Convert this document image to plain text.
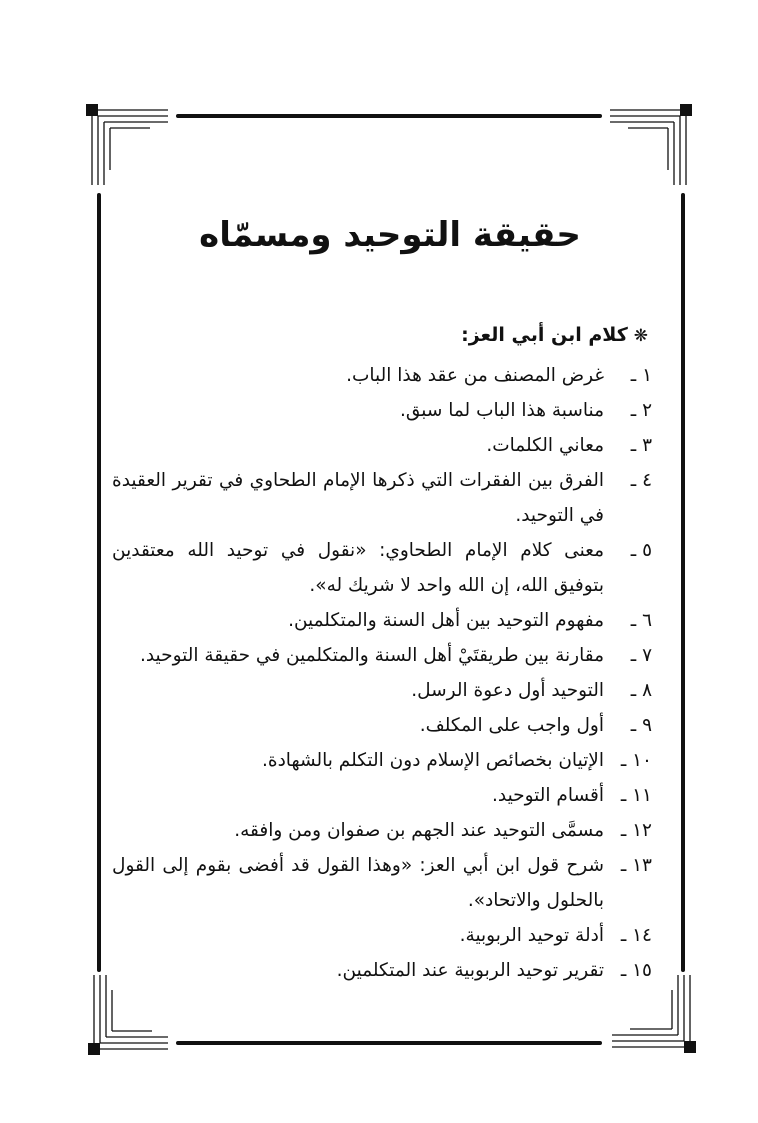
حقيقة التوحيد ومسمّاه
❋كلام ابن أبي العز:
١ ـ
غرض المصنف من عقد هذا الباب.
٢ ـ
مناسبة هذا الباب لما سبق.
٣ ـ
معاني الكلمات.
٤ ـ
الفرق بين الفقرات التي ذكرها الإمام الطحاوي في تقرير العقيدة في التوحيد.
٥ ـ
معنى كلام الإمام الطحاوي: «نقول في توحيد الله معتقدين بتوفيق الله، إن الله واحد لا شريك له».
٦ ـ
مفهوم التوحيد بين أهل السنة والمتكلمين.
٧ ـ
مقارنة بين طريقتَيْ أهل السنة والمتكلمين في حقيقة التوحيد.
٨ ـ
التوحيد أول دعوة الرسل.
٩ ـ
أول واجب على المكلف.
١٠ ـ
الإتيان بخصائص الإسلام دون التكلم بالشهادة.
١١ ـ
أقسام التوحيد.
١٢ ـ
مسمَّى التوحيد عند الجهم بن صفوان ومن وافقه.
١٣ ـ
شرح قول ابن أبي العز: «وهذا القول قد أفضى بقوم إلى القول بالحلول والاتحاد».
١٤ ـ
أدلة توحيد الربوبية.
١٥ ـ
تقرير توحيد الربوبية عند المتكلمين.
